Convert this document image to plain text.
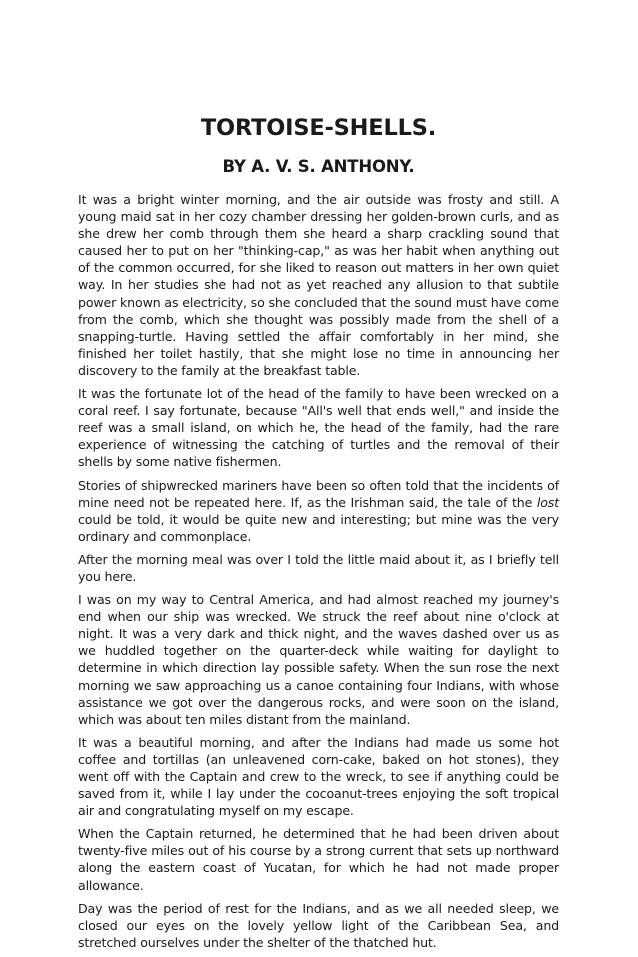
TORTOISE-SHELLS.
BY A. V. S. ANTHONY.

It was a bright winter morning, and the air outside was frosty and still. A young maid sat in her cozy chamber dressing her golden-brown curls, and as she drew her comb through them she heard a sharp crackling sound that caused her to put on her "thinking-cap," as was her habit when anything out of the common occurred, for she liked to reason out matters in her own quiet way. In her studies she had not as yet reached any allusion to that subtile power known as electricity, so she concluded that the sound must have come from the comb, which she thought was possibly made from the shell of a snapping-turtle. Having settled the affair comfortably in her mind, she finished her toilet hastily, that she might lose no time in announcing her discovery to the family at the breakfast table.

It was the fortunate lot of the head of the family to have been wrecked on a coral reef. I say fortunate, because "All's well that ends well," and inside the reef was a small island, on which he, the head of the family, had the rare experience of witnessing the catching of turtles and the removal of their shells by some native fishermen.

Stories of shipwrecked mariners have been so often told that the incidents of mine need not be repeated here. If, as the Irishman said, the tale of the lost could be told, it would be quite new and interesting; but mine was the very ordinary and commonplace.

After the morning meal was over I told the little maid about it, as I briefly tell you here.

I was on my way to Central America, and had almost reached my journey's end when our ship was wrecked. We struck the reef about nine o'clock at night. It was a very dark and thick night, and the waves dashed over us as we huddled together on the quarter-deck while waiting for daylight to determine in which direction lay possible safety. When the sun rose the next morning we saw approaching us a canoe containing four Indians, with whose assistance we got over the dangerous rocks, and were soon on the island, which was about ten miles distant from the mainland.

It was a beautiful morning, and after the Indians had made us some hot coffee and tortillas (an unleavened corn-cake, baked on hot stones), they went off with the Captain and crew to the wreck, to see if anything could be saved from it, while I lay under the cocoanut-trees enjoying the soft tropical air and congratulating myself on my escape.

When the Captain returned, he determined that he had been driven about twenty-five miles out of his course by a strong current that sets up northward along the eastern coast of Yucatan, for which he had not made proper allowance.

Day was the period of rest for the Indians, and as we all needed sleep, we closed our eyes on the lovely yellow light of the Caribbean Sea, and stretched ourselves under the shelter of the thatched hut.
